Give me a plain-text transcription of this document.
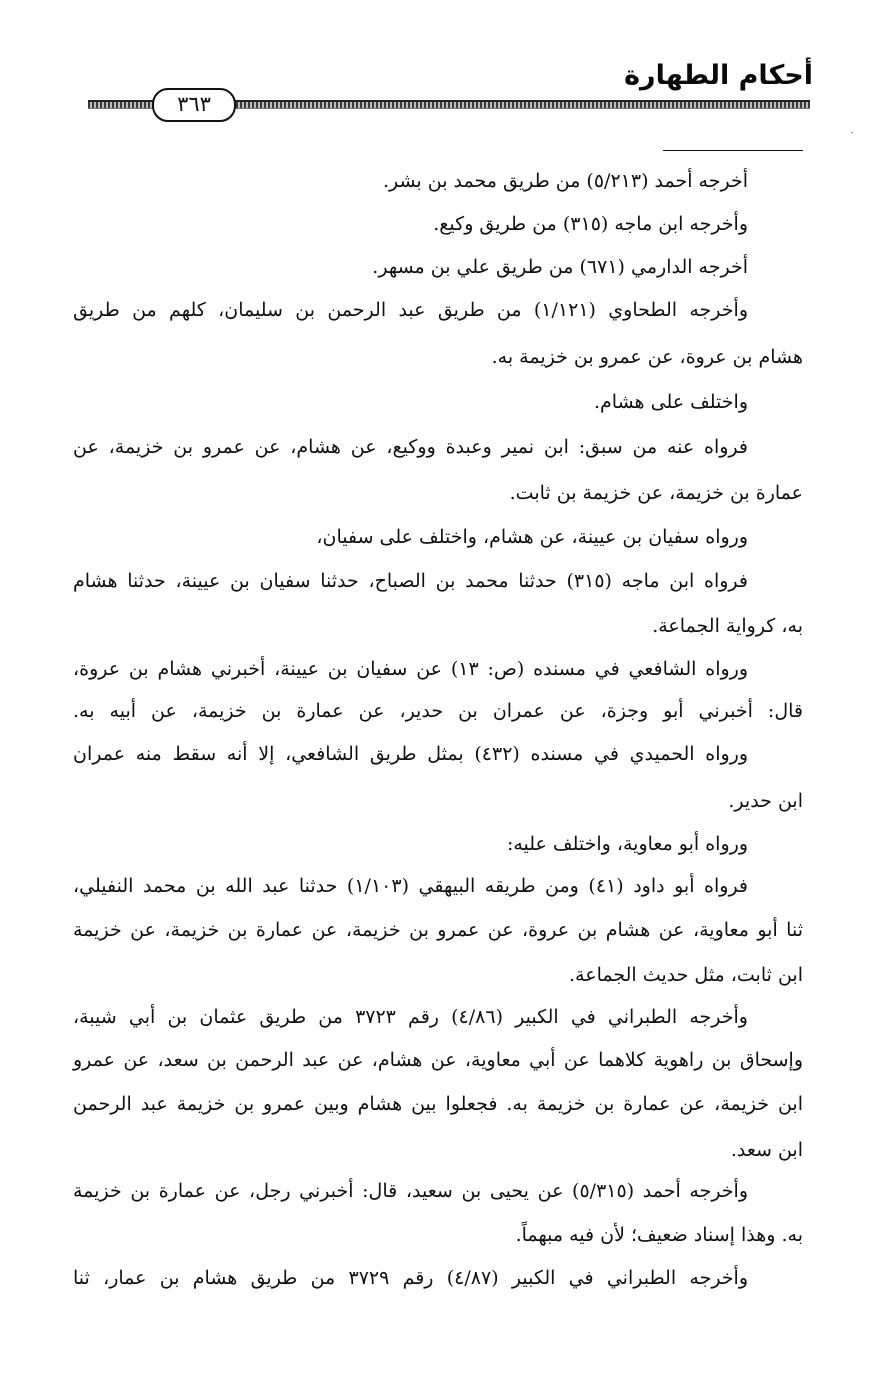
أحكام الطهارة
٣٦٣
·
أخرجه أحمد (٥/٢١٣) من طريق محمد بن بشر.
وأخرجه ابن ماجه (٣١٥) من طريق وكيع.
أخرجه الدارمي (٦٧١) من طريق علي بن مسهر.
وأخرجه الطحاوي (١/١٢١) من طريق عبد الرحمن بن سليمان، كلهم من طريق
هشام بن عروة، عن عمرو بن خزيمة به.
واختلف على هشام.
فرواه عنه من سبق: ابن نمير وعبدة ووكيع، عن هشام، عن عمرو بن خزيمة، عن
عمارة بن خزيمة، عن خزيمة بن ثابت.
ورواه سفيان بن عيينة، عن هشام، واختلف على سفيان،
فرواه ابن ماجه (٣١٥) حدثنا محمد بن الصباح، حدثنا سفيان بن عيينة، حدثنا هشام
به، كرواية الجماعة.
ورواه الشافعي في مسنده (ص: ١٣) عن سفيان بن عيينة، أخبرني هشام بن عروة،
قال: أخبرني أبو وجزة، عن عمران بن حدير، عن عمارة بن خزيمة، عن أبيه به.
ورواه الحميدي في مسنده (٤٣٢) بمثل طريق الشافعي، إلا أنه سقط منه عمران
ابن حدير.
ورواه أبو معاوية، واختلف عليه:
فرواه أبو داود (٤١) ومن طريقه البيهقي (١/١٠٣) حدثنا عبد الله بن محمد النفيلي،
ثنا أبو معاوية، عن هشام بن عروة، عن عمرو بن خزيمة، عن عمارة بن خزيمة، عن خزيمة
ابن ثابت، مثل حديث الجماعة.
وأخرجه الطبراني في الكبير (٤/٨٦) رقم ٣٧٢٣ من طريق عثمان بن أبي شيبة،
وإسحاق بن راهوية كلاهما عن أبي معاوية، عن هشام، عن عبد الرحمن بن سعد، عن عمرو
ابن خزيمة، عن عمارة بن خزيمة به. فجعلوا بين هشام وبين عمرو بن خزيمة عبد الرحمن
ابن سعد.
وأخرجه أحمد (٥/٣١٥) عن يحيى بن سعيد، قال: أخبرني رجل، عن عمارة بن خزيمة
به. وهذا إسناد ضعيف؛ لأن فيه مبهماً.
وأخرجه الطبراني في الكبير (٤/٨٧) رقم ٣٧٢٩ من طريق هشام بن عمار، ثنا
